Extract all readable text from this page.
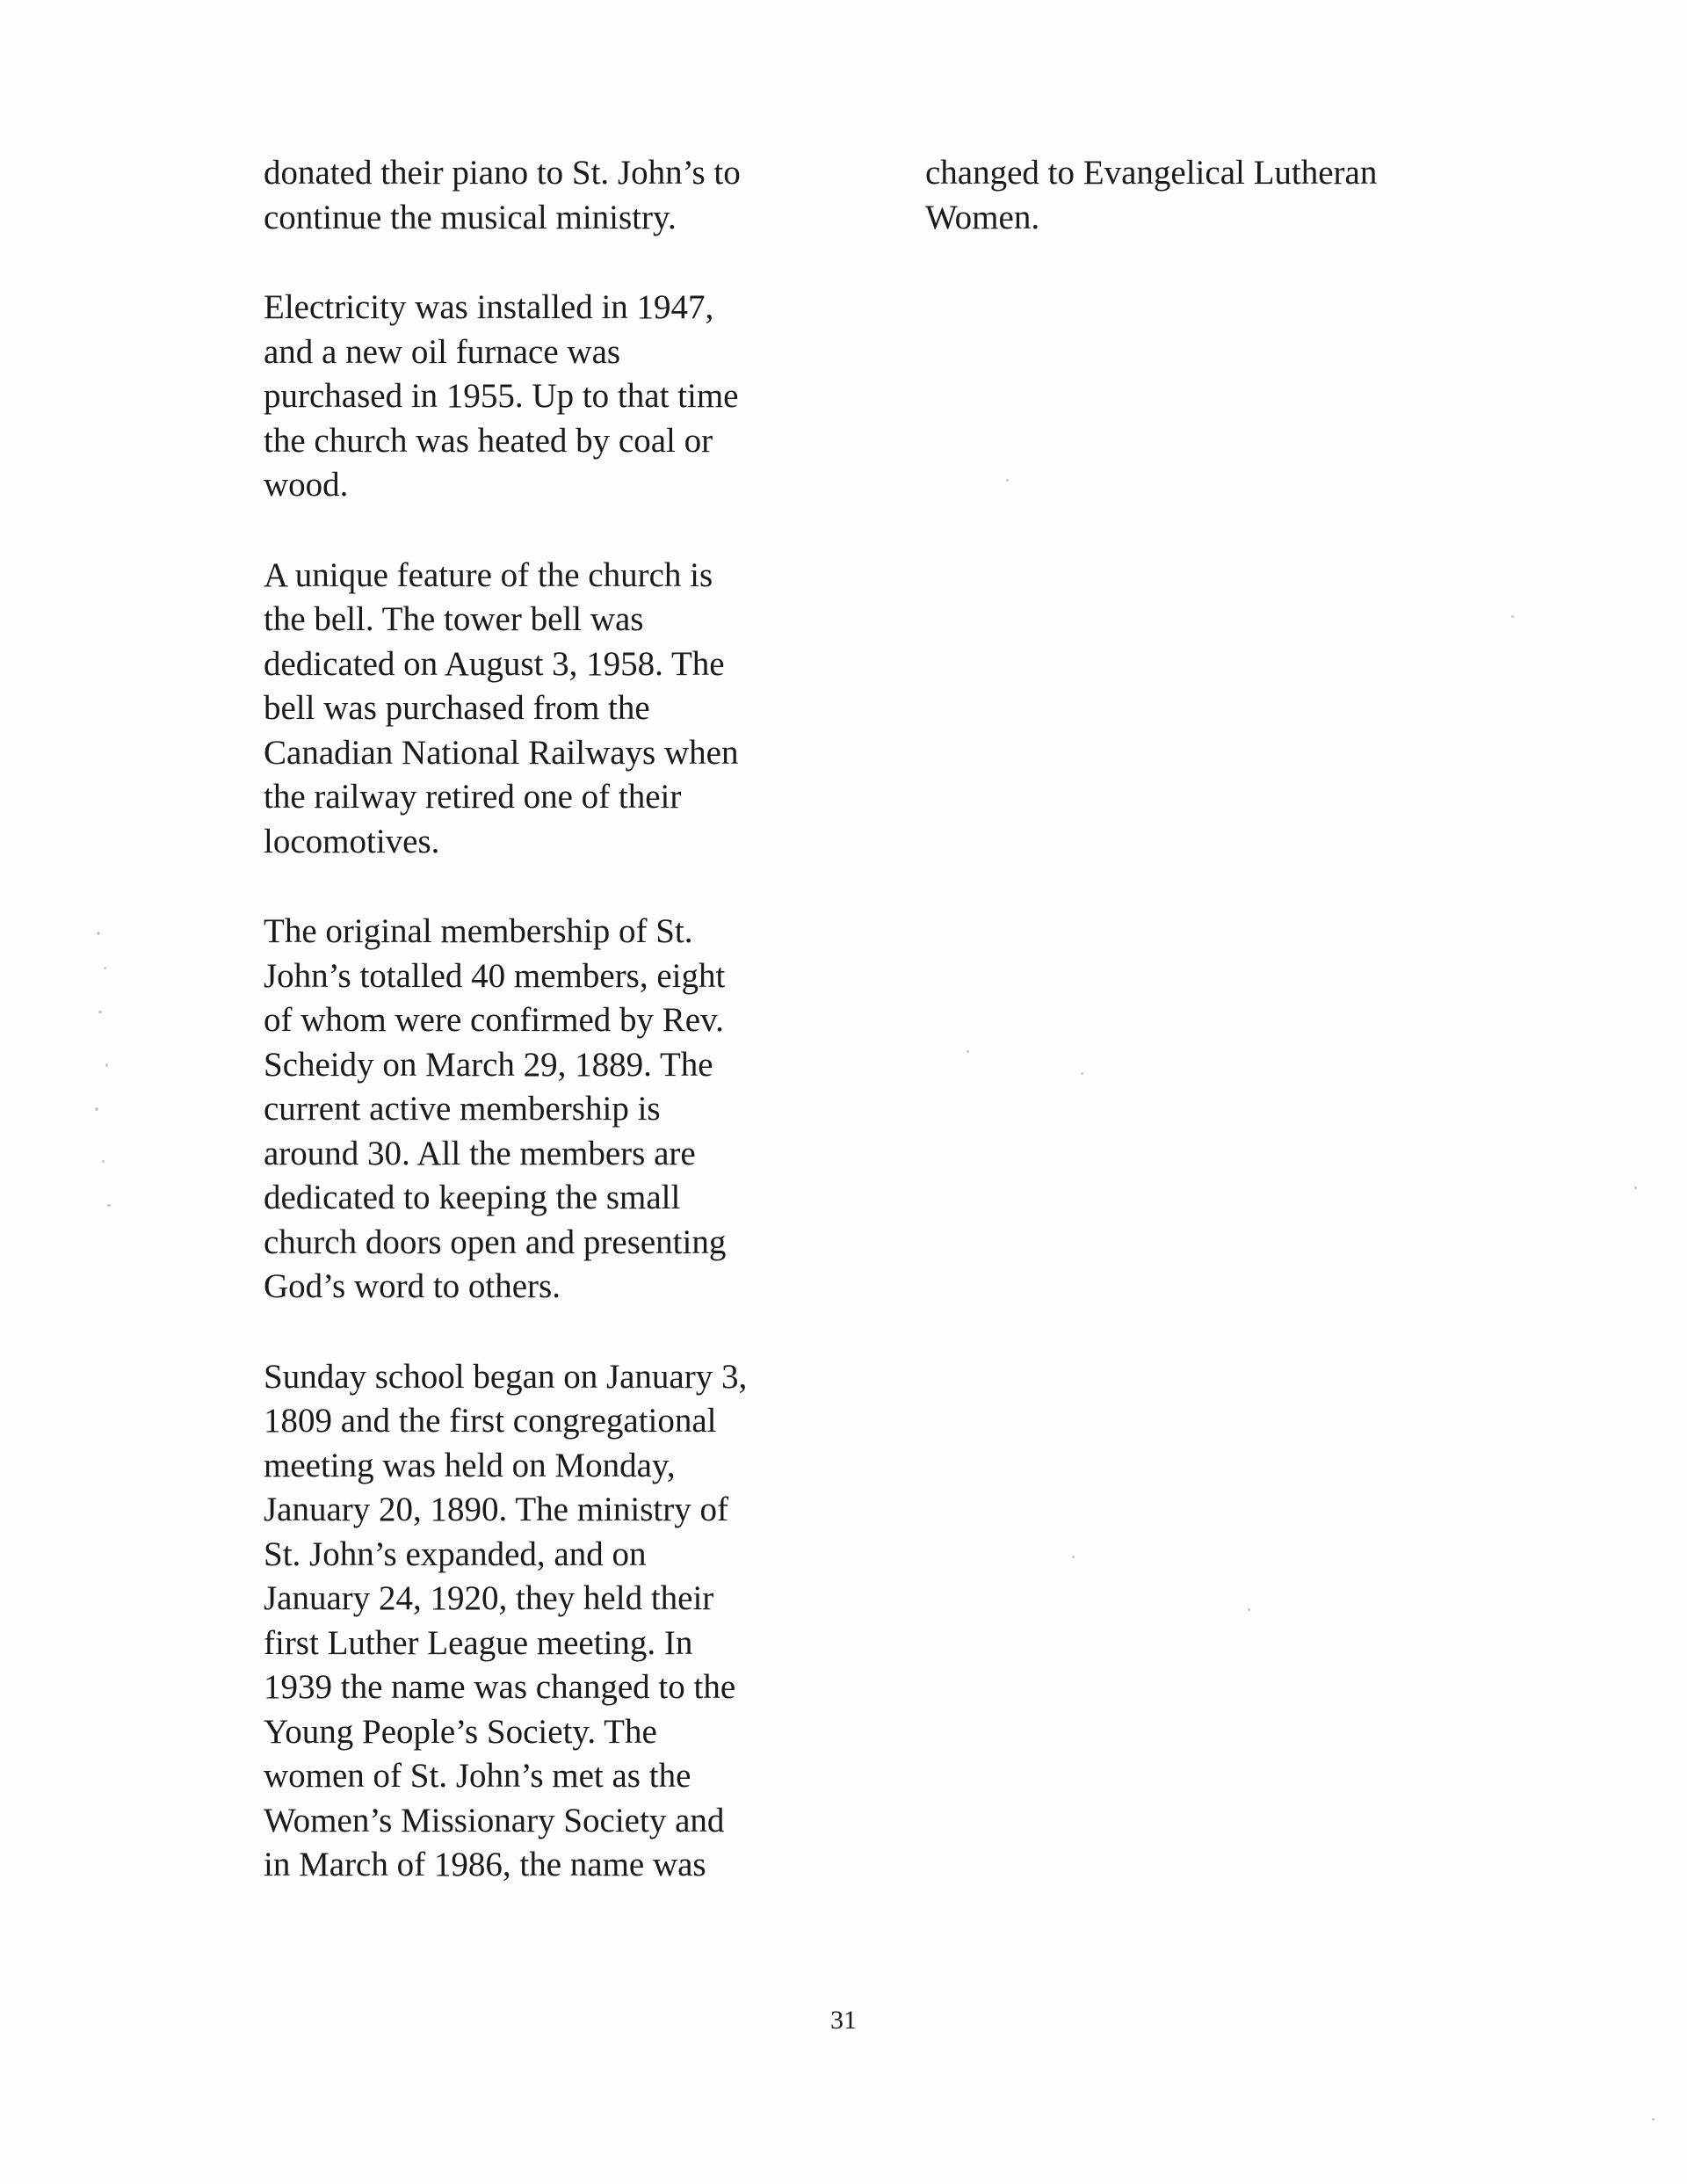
donated their piano to St. John’s to
continue the musical ministry.

Electricity was installed in 1947,
and a new oil furnace was
purchased in 1955. Up to that time
the church was heated by coal or
wood.

A unique feature of the church is
the bell. The tower bell was
dedicated on August 3, 1958. The
bell was purchased from the
Canadian National Railways when
the railway retired one of their
locomotives.

The original membership of St.
John’s totalled 40 members, eight
of whom were confirmed by Rev.
Scheidy on March 29, 1889. The
current active membership is
around 30. All the members are
dedicated to keeping the small
church doors open and presenting
God’s word to others.

Sunday school began on January 3,
1809 and the first congregational
meeting was held on Monday,
January 20, 1890. The ministry of
St. John’s expanded, and on
January 24, 1920, they held their
first Luther League meeting. In
1939 the name was changed to the
Young People’s Society. The
women of St. John’s met as the
Women’s Missionary Society and
in March of 1986, the name was

changed to Evangelical Lutheran
Women.

31
